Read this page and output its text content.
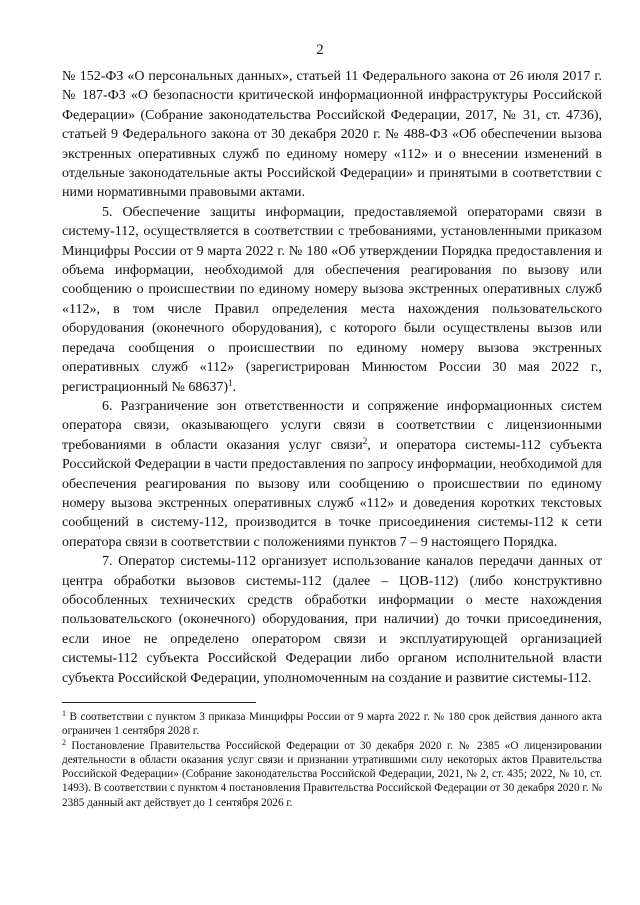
2

№ 152-ФЗ «О персональных данных», статьей 11 Федерального закона от 26 июля 2017 г. № 187-ФЗ «О безопасности критической информационной инфраструктуры Российской Федерации» (Собрание законодательства Российской Федерации, 2017, № 31, ст. 4736), статьей 9 Федерального закона от 30 декабря 2020 г. № 488-ФЗ «Об обеспечении вызова экстренных оперативных служб по единому номеру «112» и о внесении изменений в отдельные законодательные акты Российской Федерации» и принятыми в соответствии с ними нормативными правовыми актами.

5. Обеспечение защиты информации, предоставляемой операторами связи в систему-112, осуществляется в соответствии с требованиями, установленными приказом Минцифры России от 9 марта 2022 г. № 180 «Об утверждении Порядка предоставления и объема информации, необходимой для обеспечения реагирования по вызову или сообщению о происшествии по единому номеру вызова экстренных оперативных служб «112», в том числе Правил определения места нахождения пользовательского оборудования (оконечного оборудования), с которого были осуществлены вызов или передача сообщения о происшествии по единому номеру вызова экстренных оперативных служб «112» (зарегистрирован Минюстом России 30 мая 2022 г., регистрационный № 68637)$^1$.

6. Разграничение зон ответственности и сопряжение информационных систем оператора связи, оказывающего услуги связи в соответствии с лицензионными требованиями в области оказания услуг связи$^2$, и оператора системы-112 субъекта Российской Федерации в части предоставления по запросу информации, необходимой для обеспечения реагирования по вызову или сообщению о происшествии по единому номеру вызова экстренных оперативных служб «112» и доведения коротких текстовых сообщений в систему-112, производится в точке присоединения системы-112 к сети оператора связи в соответствии с положениями пунктов 7 – 9 настоящего Порядка.

7. Оператор системы-112 организует использование каналов передачи данных от центра обработки вызовов системы-112 (далее – ЦОВ-112) (либо конструктивно обособленных технических средств обработки информации о месте нахождения пользовательского (оконечного) оборудования, при наличии) до точки присоединения, если иное не определено оператором связи и эксплуатирующей организацией системы-112 субъекта Российской Федерации либо органом исполнительной власти субъекта Российской Федерации, уполномоченным на создание и развитие системы-112.

$^1$ В соответствии с пунктом 3 приказа Минцифры России от 9 марта 2022 г. № 180 срок действия данного акта ограничен 1 сентября 2028 г.

$^2$ Постановление Правительства Российской Федерации от 30 декабря 2020 г. № 2385 «О лицензировании деятельности в области оказания услуг связи и признании утратившими силу некоторых актов Правительства Российской Федерации» (Собрание законодательства Российской Федерации, 2021, № 2, ст. 435; 2022, № 10, ст. 1493). В соответствии с пунктом 4 постановления Правительства Российской Федерации от 30 декабря 2020 г. № 2385 данный акт действует до 1 сентября 2026 г.
